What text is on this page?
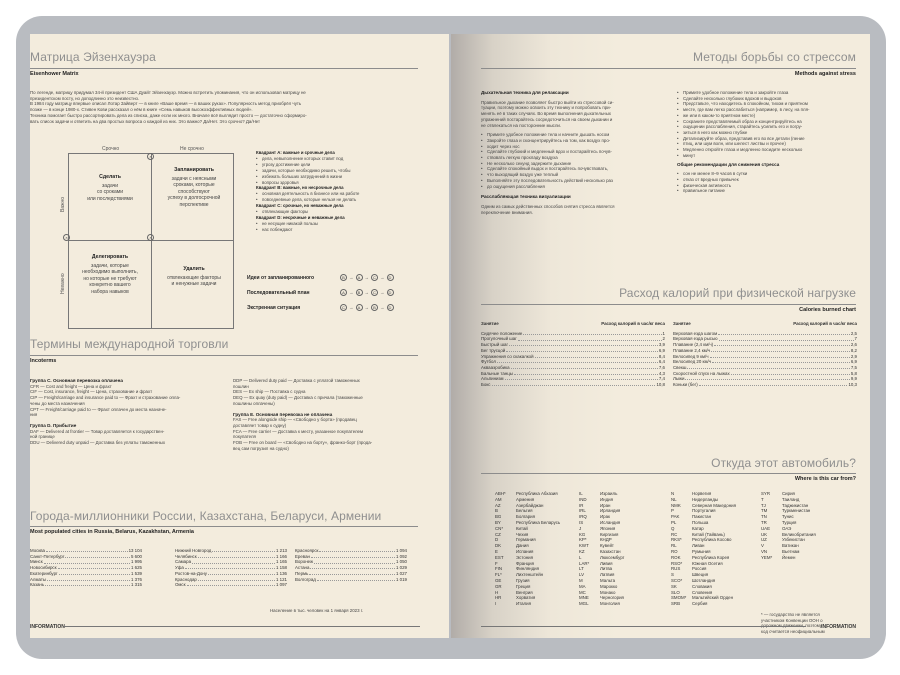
Матрица Эйзенхауэра
Eisenhower Matrix
По легенде, матрицу придумал 34-й президент США Дуайт Эйзенхауэр. Можно встретить упоминания, что он использовал матрицу не
президентском посту, но доподлинно это неизвестно.
В 1984 году матрицу впервые описал Лотар Зайверт — в книге «Ваше время — в ваших руках». Популярность метод приобрёл чуть
позже — в конце 1980-х. Стивен Кови рассказал о нём в книге «Семь навыков высокоэффективных людей».
Техника помогает быстро рассортировать дела из списка, даже если их много. Вначале всё выглядит просто — достаточно сформиро-
вать список задачи и ответить на два простых вопроса о каждой из них. Это важно? Да/Нет. Это срочно? Да/Нет
Срочно	Не срочно
Важно
Неважно
Сделать
задачи
со сроками
или последствиями
Запланировать
задачи с неясными
сроками, которые
способствуют
успеху в долгосрочной
перспективе
Делегировать
задачи, которые
необходимо выполнить,
но которые не требуют
конкретно вашего
набора навыков
Удалить
отвлекающие факторы
и ненужные задачи
×	×
×
Квадрант А: важные и срочные дела
• дела, невыполнение которых ставит под
• угрозу достижение цели
• задачи, которые необходимо решить, чтобы
• избежать больших затруднений в жизни
• вопросы здоровья
Квадрант B: важные, но несрочные дела
• основная деятельность в бизнесе или на работе
• повседневные дела, которые нельзя не делать
Квадрант C: срочные, но неважные дела
• отвлекающие факторы
Квадрант D: несрочные и неважные дела
• не несущие никакой пользы
• нас побеждают
Идеи от запланированного	B →	A →	C →	D
Последовательный план	A →	B →	C →	D
Экстренная ситуация	C →	A →	B →	D
Термины международной торговли
Incoterms
Группа C. Основная перевозка оплачена
CFR — Cost and freight — Цена и фрахт
CIF — Cost, insurance, freight — Цена, страхование и фрахт
CIP — Freight/carriage and insurance paid to — Фрахт и страхование опла-
чены до места назначения
CPT — Freight/carriage paid to — Фрахт оплачен до места назначе-
ния
Группа D. Прибытие
DAF — Delivered at frontier — Товар доставляется к государствен-
ной границе
DDU — Delivered duty unpaid — Доставка без уплаты таможенных
DDP — Delivered duty paid — Доставка с уплатой таможенных
пошлин
DES — Ex ship — Поставка с судна
DEQ — Ex quay (duty paid) — Доставка с причала (таможенные
пошлины оплачены)
Группа E. Основная перевозка не оплачена
FAS — Free alongside ship — «Свободно у борта» (продавец
доставляет товар к судну)
FCA — Free carrier — Доставка к месту, указанное покупателем
покупателя
FOB — Free on board — «Свободно на борту», франко-борт (прода-
вец сам погрузил на судно)
Города-миллионники России, Казахстана, Беларуси, Армении
Most populated cities in Russia, Belarus, Kazakhstan, Armenia
Москва	13 104
Санкт-Петербург	5 600
Минск	1 995
Новосибирск	1 625
Екатеринбург	1 539
Алматы	1 376
Казань	1 315
Нижний Новгород	1 213
Челябинск	1 166
Самара	1 165
Уфа	1 158
Ростов-на-Дону	1 136
Краснодар	1 121
Омск	1 097
Красноярск	1 094
Ереван	1 092
Воронеж	1 050
Астана	1 029
Пермь	1 027
Волгоград	1 019
Население в тыс. человек на 1 января 2023 г.
INFORMATION
Методы борьбы со стрессом
Methods against stress
Дыхательная техника для релаксации
Правильное дыхание позволяет быстро выйти из стрессовой си-
туации, поэтому можно освоить эту технику и попробовать при-
менять её в таких случаях. Во время выполнения дыхательных
упражнений постарайтесь сосредоточиться на своем дыхании и
не отвлекаться на посторонние мысли.
• Примите удобное положение тела и начните дышать носом
• Закройте глаза и сконцентрируйтесь на том, как воздух про-
• ходит через нос
• Сделайте глубокий и медленный вдох и постарайтесь почув-
• ствовать легкую прохладу воздуха
• Не несколько секунд задержите дыхание
• Сделайте спокойный выдох и постарайтесь почувствовать,
• что выходящий воздух уже теплый
• Выполняйте эту последовательность действий несколько раз
• до ощущения расслабления
Расслабляющая техника визуализации
Одним из самых действенных способов снятия стресса является
переключение внимания.
• Примите удобное положение тела и закройте глаза
• Сделайте несколько глубоких вдохов и выдохов
• Представьте, что находитесь в спокойном, тихом и приятном
• месте, где вам легко расслабиться (например, в лесу, на пля-
• же или в каком-то приятном месте)
• Сохраните представляемый образ и концентрируйтесь на
• ощущении расслабления, старайтесь усилить его и погру-
• зиться в него как можно глубже
• Детализируйте образ, представив его во все детали (пение
• птиц, или шум волн, или шелест листвы и прочее)
• Медленно откройте глаза и медленно посидите несколько
• минут
Общие рекомендации для снижения стресса
• сон не менее 8–9 часов в сутки
• отказ от вредных привычек
• физическая активность
• правильное питание
Расход калорий при физической нагрузке
Calories burned chart
Занятие	Расход калорий в час/кг веса
Сидячее положение	1
Прогулочный шаг	2
Быстрый шаг	3,9
Бег трусцой	6,9
Упражнения со скакалкой	8,4
Футбол	6,4
Аквааэробика	7,6
Бальные танцы	4,3
Альпинизм	7,4
Бокс	10,8
Занятие	Расход калорий в час/кг веса
Верховая езда шагом	2,5
Верховая езда рысью	7
Плавание (2,4 км/ч)	2,6
Плавание 2,4 км/ч	8,2
Велосипед 9 км/ч	2,9
Велосипед 20 км/ч	6,9
Свекш	7,5
Скоростной спуск на лыжах	5,8
Лыжи	9,9
Коньки (бег)	10,3
Откуда этот автомобиль?
Where is this car from?
ABH*	Республика Абхазия
AM	Армения
AZ	Азербайджан
B	Бельгия
BG	Болгария
BY	Республика Беларусь
CN*	Китай
CZ	Чехия
D	Германия
DK	Дания
E	Испания
EST	Эстония
F	Франция
FIN	Финляндия
FL*	Лихтенштейн
GE	Грузия
GR	Греция
H	Венгрия
HR	Хорватия
I	Италия
IL	Израиль
IND	Индия
IR	Иран
IRL	Ирландия
IRQ	Ирак
IS	Исландия
J	Япония
KG	Киргизия
KP*	КНДР
KWT	Кувейт
KZ	Казахстан
L	Люксембург
LAR*	Ливия
LT	Литва
LV	Латвия
M	Мальта
MA	Марокко
MC	Монако
MNE	Черногория
MGL	Монголия
N	Норвегия
NL	Нидерланды
NMK	Северная Македония
P	Португалия
PAK	Пакистан
PL	Польша
Q	Катар
RC	Китай (Тайвань)
RKS*	Республика Косово
RL	Ливан
RO	Румыния
ROK	Республика Корея
RSO*	Южная Осетия
RUS	Россия
S	Швеция
SCO*	Шотландия
SK	Словакия
SLO	Словения
SMOM*	Мальтийский Орден
SRB	Сербия
SYR	Сирия
T	Таиланд
TJ	Таджикистан
TM	Туркменистан
TN	Тунис
TR	Турция
UAE	ОАЭ
UK	Великобритания
UZ	Узбекистан
V	Ватикан
VN	Вьетнам
YEM*	Йемен
* — государство не является
участником Конвенции ООН о
дорожном движении, поэтому
код считается неофициальным
INFORMATION
